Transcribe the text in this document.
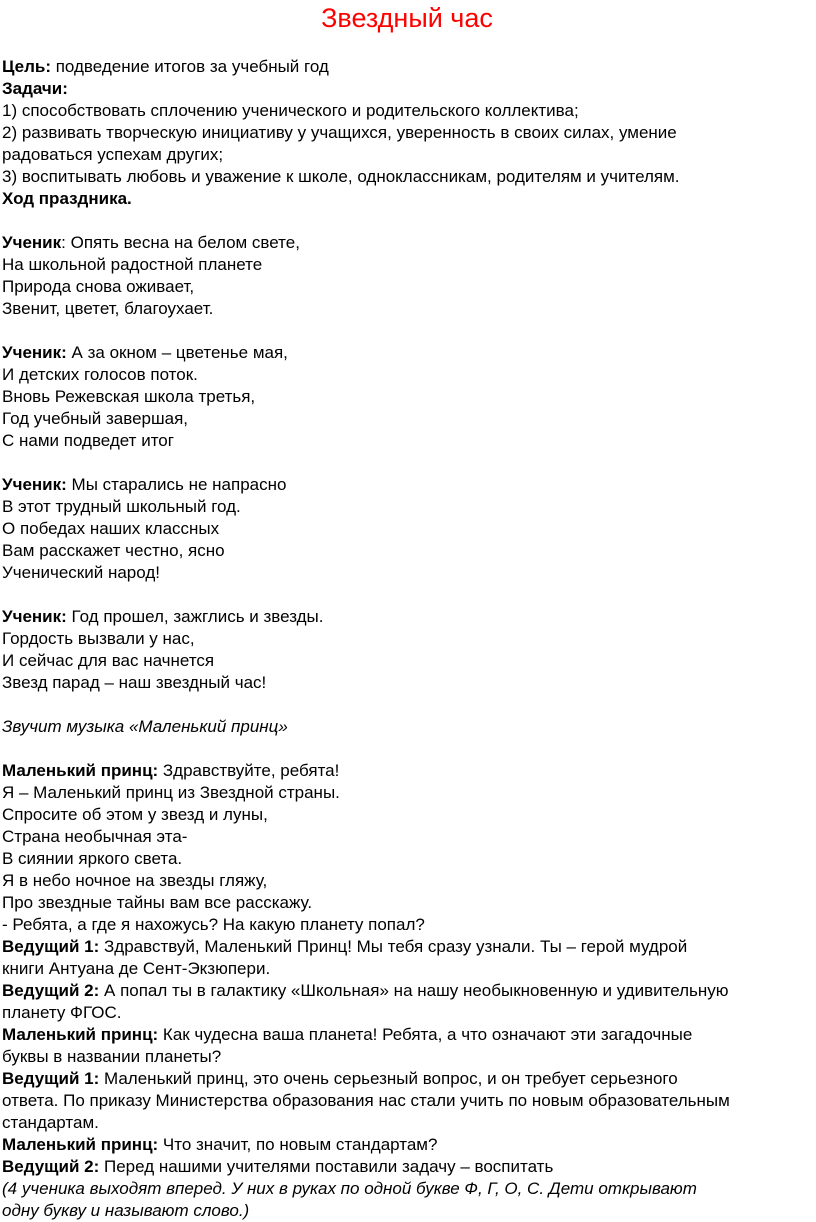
Звездный час
Цель: подведение итогов за учебный год
Задачи:
1) способствовать сплочению ученического и родительского коллектива;
2) развивать творческую инициативу у учащихся, уверенность в своих силах, умение
радоваться успехам других;
3) воспитывать любовь и уважение к школе, одноклассникам, родителям и учителям.
Ход праздника.
Ученик: Опять весна на белом свете,
На школьной радостной планете
Природа снова оживает,
Звенит, цветет, благоухает.
Ученик: А за окном – цветенье мая,
И детских голосов поток.
Вновь Режевская школа третья,
Год учебный завершая,
С нами подведет итог
Ученик: Мы старались не напрасно
В этот трудный школьный год.
О победах наших классных
Вам расскажет честно, ясно
Ученический народ!
Ученик: Год прошел, зажглись и звезды.
Гордость вызвали у нас,
И сейчас для вас начнется
Звезд парад – наш звездный час!
Звучит музыка «Маленький принц»
Маленький принц: Здравствуйте, ребята!
Я – Маленький принц из Звездной страны.
Спросите об этом у звезд и луны,
Страна необычная эта-
В сиянии яркого света.
Я в небо ночное на звезды гляжу,
Про звездные тайны вам все расскажу.
- Ребята, а где я нахожусь? На какую планету попал?
Ведущий 1: Здравствуй, Маленький Принц! Мы тебя сразу узнали. Ты – герой мудрой
книги Антуана де Сент-Экзюпери.
Ведущий 2: А попал ты в галактику «Школьная» на нашу необыкновенную и удивительную
планету ФГОС.
Маленький принц: Как чудесна ваша планета! Ребята, а что означают эти загадочные
буквы в названии планеты?
Ведущий 1: Маленький принц, это очень серьезный вопрос, и он требует серьезного
ответа. По приказу Министерства образования нас стали учить по новым образовательным
стандартам.
Маленький принц: Что значит, по новым стандартам?
Ведущий 2: Перед нашими учителями поставили задачу – воспитать
(4 ученика выходят вперед. У них в руках по одной букве Ф, Г, О, С. Дети открывают
одну букву и называют слово.)
